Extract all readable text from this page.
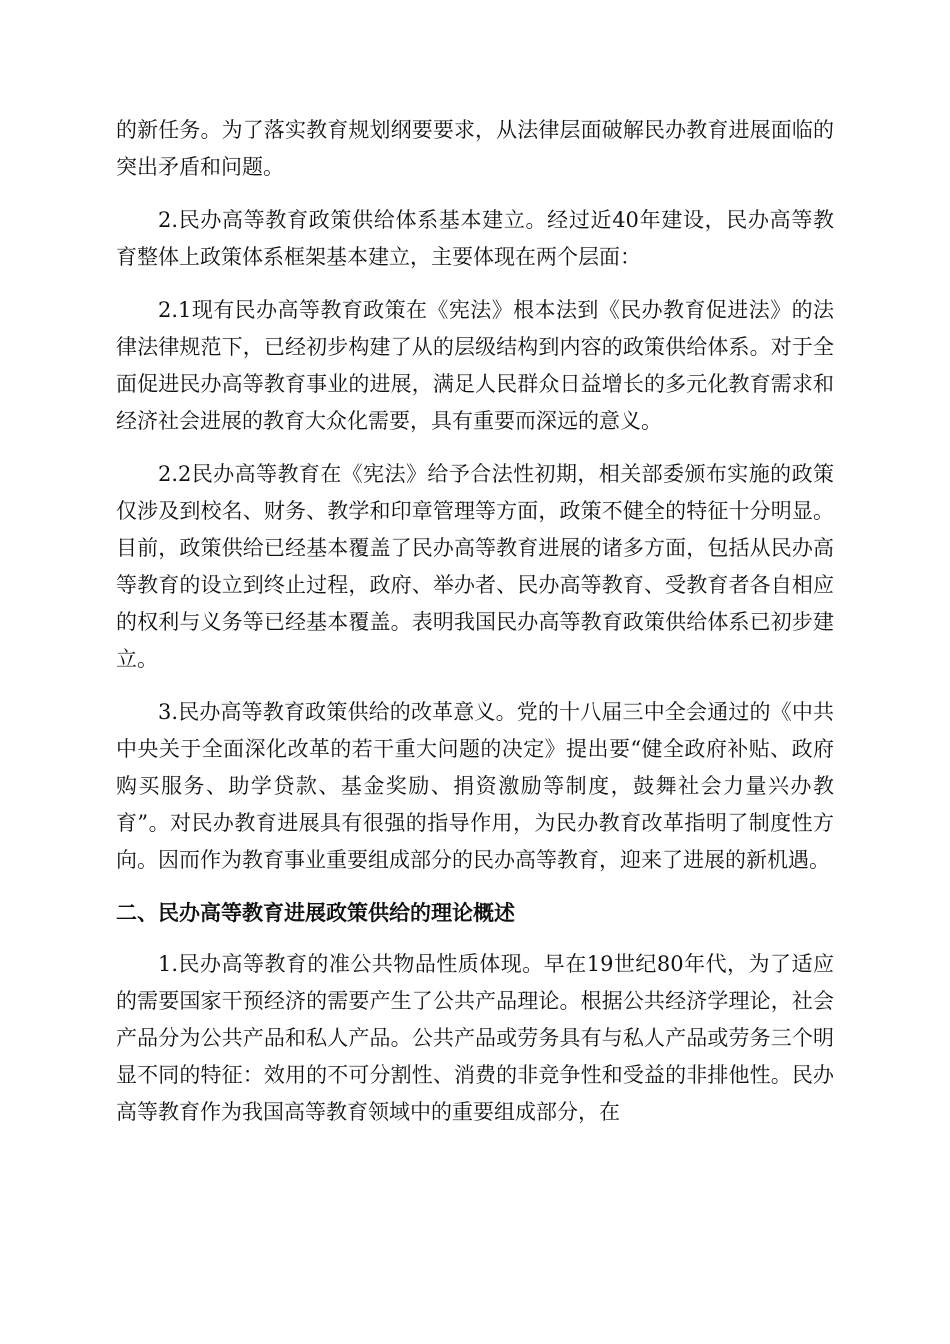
的新任务。为了落实教育规划纲要要求，从法律层面破解民办教育进展面临的突出矛盾和问题。

2.民办高等教育政策供给体系基本建立。经过近40年建设，民办高等教育整体上政策体系框架基本建立，主要体现在两个层面：

2.1现有民办高等教育政策在《宪法》根本法到《民办教育促进法》的法律法律规范下，已经初步构建了从的层级结构到内容的政策供给体系。对于全面促进民办高等教育事业的进展，满足人民群众日益增长的多元化教育需求和经济社会进展的教育大众化需要，具有重要而深远的意义。

2.2民办高等教育在《宪法》给予合法性初期，相关部委颁布实施的政策仅涉及到校名、财务、教学和印章管理等方面，政策不健全的特征十分明显。目前，政策供给已经基本覆盖了民办高等教育进展的诸多方面，包括从民办高等教育的设立到终止过程，政府、举办者、民办高等教育、受教育者各自相应的权利与义务等已经基本覆盖。表明我国民办高等教育政策供给体系已初步建立。

3.民办高等教育政策供给的改革意义。党的十八届三中全会通过的《中共中央关于全面深化改革的若干重大问题的决定》提出要“健全政府补贴、政府购买服务、助学贷款、基金奖励、捐资激励等制度，鼓舞社会力量兴办教育”。对民办教育进展具有很强的指导作用，为民办教育改革指明了制度性方向。因而作为教育事业重要组成部分的民办高等教育，迎来了进展的新机遇。

二、民办高等教育进展政策供给的理论概述

1.民办高等教育的准公共物品性质体现。早在19世纪80年代，为了适应的需要国家干预经济的需要产生了公共产品理论。根据公共经济学理论，社会产品分为公共产品和私人产品。公共产品或劳务具有与私人产品或劳务三个明显不同的特征：效用的不可分割性、消费的非竞争性和受益的非排他性。民办高等教育作为我国高等教育领域中的重要组成部分，在
